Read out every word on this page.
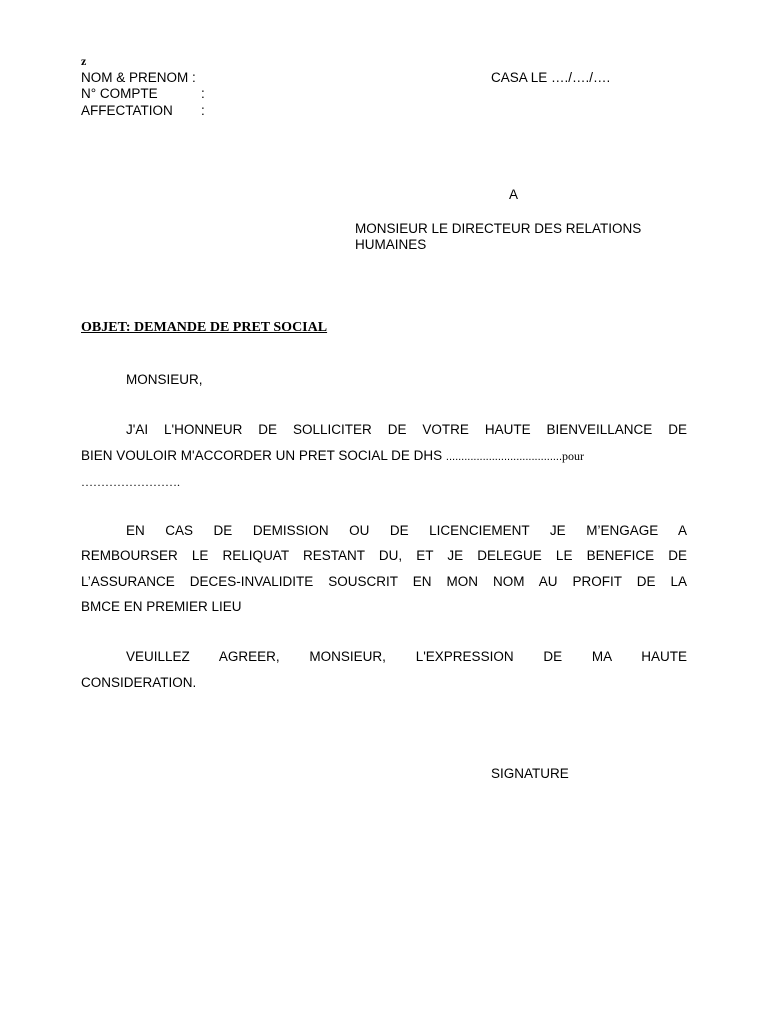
z
NOM & PRENOM :
N° COMPTE	:
AFFECTATION :
CASA LE …./…./….
A
MONSIEUR LE DIRECTEUR DES RELATIONS
HUMAINES
OBJET: DEMANDE DE PRET SOCIAL
MONSIEUR,
J'AI L'HONNEUR DE SOLLICITER DE VOTRE HAUTE BIENVEILLANCE DE
BIEN VOULOIR M'ACCORDER UN PRET SOCIAL DE DHS ......................................pour
…………………….
EN CAS DE DEMISSION OU DE LICENCIEMENT JE M’ENGAGE A
REMBOURSER LE RELIQUAT RESTANT DU, ET JE DELEGUE LE BENEFICE DE
L’ASSURANCE DECES-INVALIDITE SOUSCRIT EN MON NOM AU PROFIT DE LA
BMCE EN PREMIER LIEU
VEUILLEZ AGREER, MONSIEUR, L'EXPRESSION DE MA HAUTE
CONSIDERATION.
SIGNATURE
